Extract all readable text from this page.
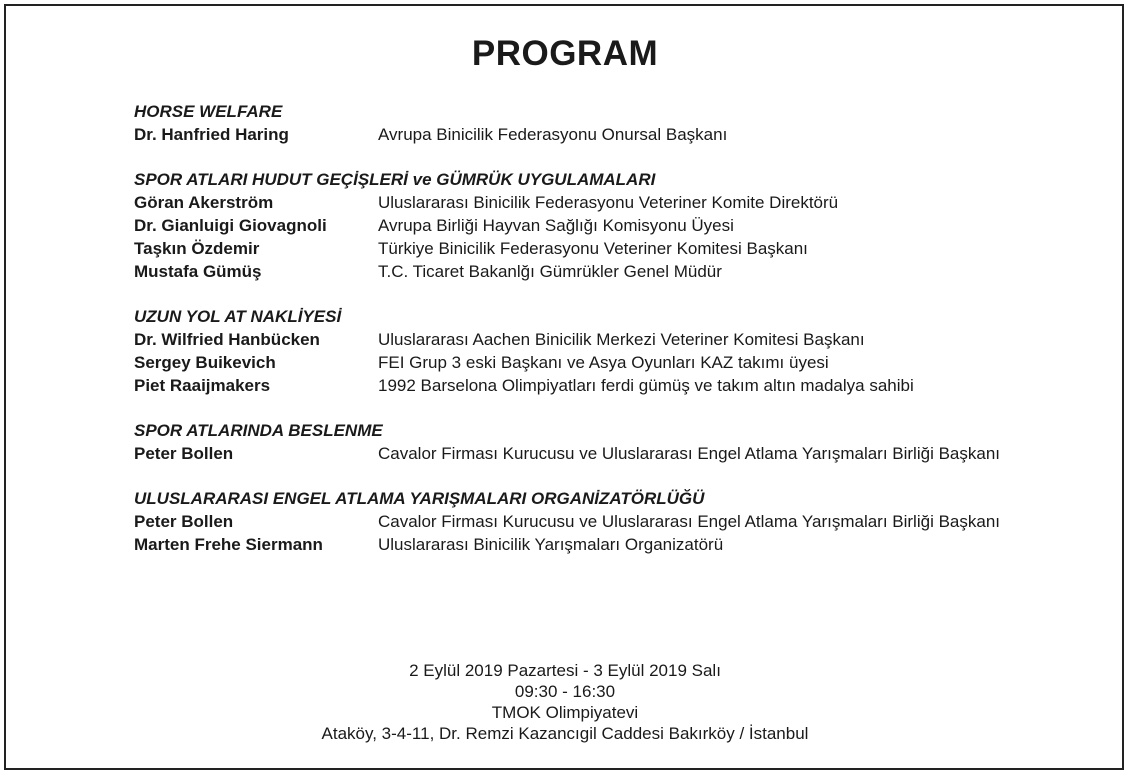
PROGRAM
HORSE WELFARE
Dr. Hanfried Haring	Avrupa Binicilik Federasyonu Onursal Başkanı
SPOR ATLARI HUDUT GEÇİŞLERİ ve GÜMRÜK UYGULAMALARI
Göran Akerström	Uluslararası Binicilik Federasyonu Veteriner Komite Direktörü
Dr. Gianluigi Giovagnoli	Avrupa Birliği Hayvan Sağlığı Komisyonu Üyesi
Taşkın Özdemir	Türkiye Binicilik Federasyonu Veteriner Komitesi Başkanı
Mustafa Gümüş	T.C. Ticaret Bakanlğı Gümrükler Genel Müdür
UZUN YOL AT NAKLİYESİ
Dr. Wilfried Hanbücken	Uluslararası Aachen Binicilik Merkezi Veteriner Komitesi Başkanı
Sergey Buikevich	FEI Grup 3 eski Başkanı ve Asya Oyunları KAZ takımı üyesi
Piet Raaijmakers	1992 Barselona Olimpiyatları ferdi gümüş ve takım altın madalya sahibi
SPOR ATLARINDA BESLENME
Peter Bollen	Cavalor Firması Kurucusu ve Uluslararası Engel Atlama Yarışmaları Birliği Başkanı
ULUSLARARASI ENGEL ATLAMA YARIŞMALARI ORGANİZATÖRLÜĞÜ
Peter Bollen	Cavalor Firması Kurucusu ve Uluslararası Engel Atlama Yarışmaları Birliği Başkanı
Marten Frehe Siermann	Uluslararası Binicilik Yarışmaları Organizatörü
2 Eylül 2019 Pazartesi - 3 Eylül 2019 Salı
09:30 - 16:30
TMOK Olimpiyatevi
Ataköy, 3-4-11, Dr. Remzi Kazancıgil Caddesi Bakırköy / İstanbul
